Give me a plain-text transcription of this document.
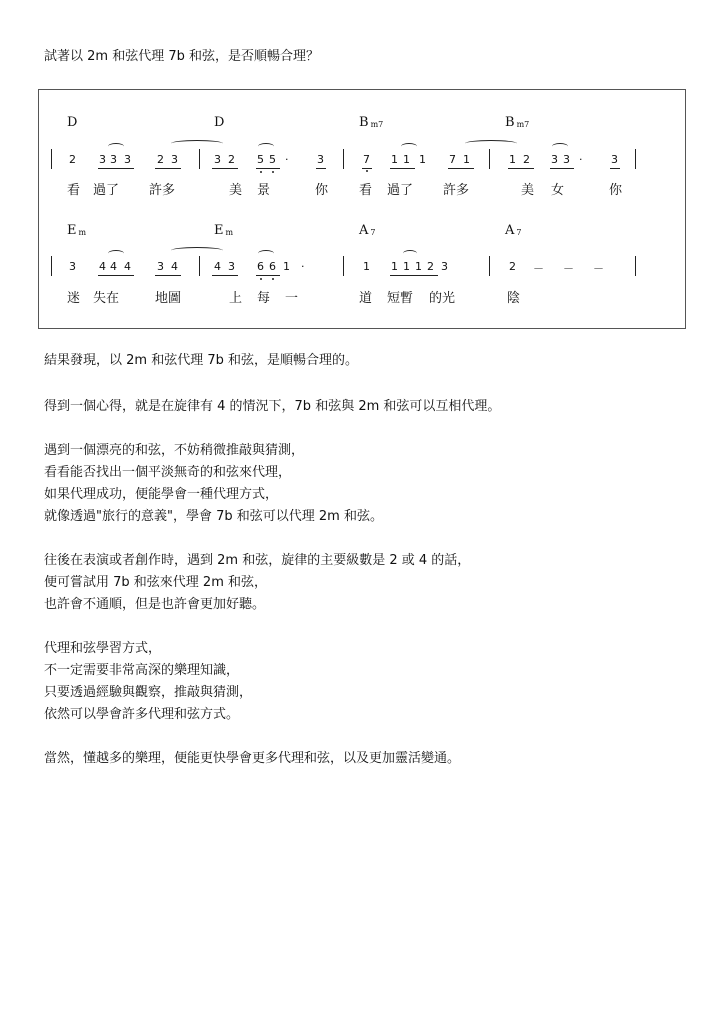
試著以 2m 和弦代理 7b 和弦，是否順暢合理？
D	D	B $_{m7}$	B $_{m7}$
2 3 3 3 2 3	3 2 5 5 ·	3	7 1 1 1 7 1	1 2 3 3 ·	3
看 過了 許多	美 景	你 看 過了 許多	美 女	你
E $_m$	E $_m$	A $_7$	A $_7$
3 4 4 4 3 4	4 3 6 6 1 ·	1 1 1 1 2 3	2 － － －
迷 失在	地圖	上 每 一	道 短暫 的光	陰
結果發現，以 2m 和弦代理 7b 和弦，是順暢合理的。
得到一個心得，就是在旋律有 4 的情況下，7b 和弦與 2m 和弦可以互相代理。
遇到一個漂亮的和弦，不妨稍微推敲與猜測，
看看能否找出一個平淡無奇的和弦來代理，
如果代理成功，便能學會一種代理方式，
就像透過"旅行的意義"，學會 7b 和弦可以代理 2m 和弦。
往後在表演或者創作時，遇到 2m 和弦，旋律的主要級數是 2 或 4 的話，
便可嘗試用 7b 和弦來代理 2m 和弦，
也許會不通順，但是也許會更加好聽。
代理和弦學習方式，
不一定需要非常高深的樂理知識，
只要透過經驗與觀察，推敲與猜測，
依然可以學會許多代理和弦方式。
當然，懂越多的樂理，便能更快學會更多代理和弦，以及更加靈活變通。
